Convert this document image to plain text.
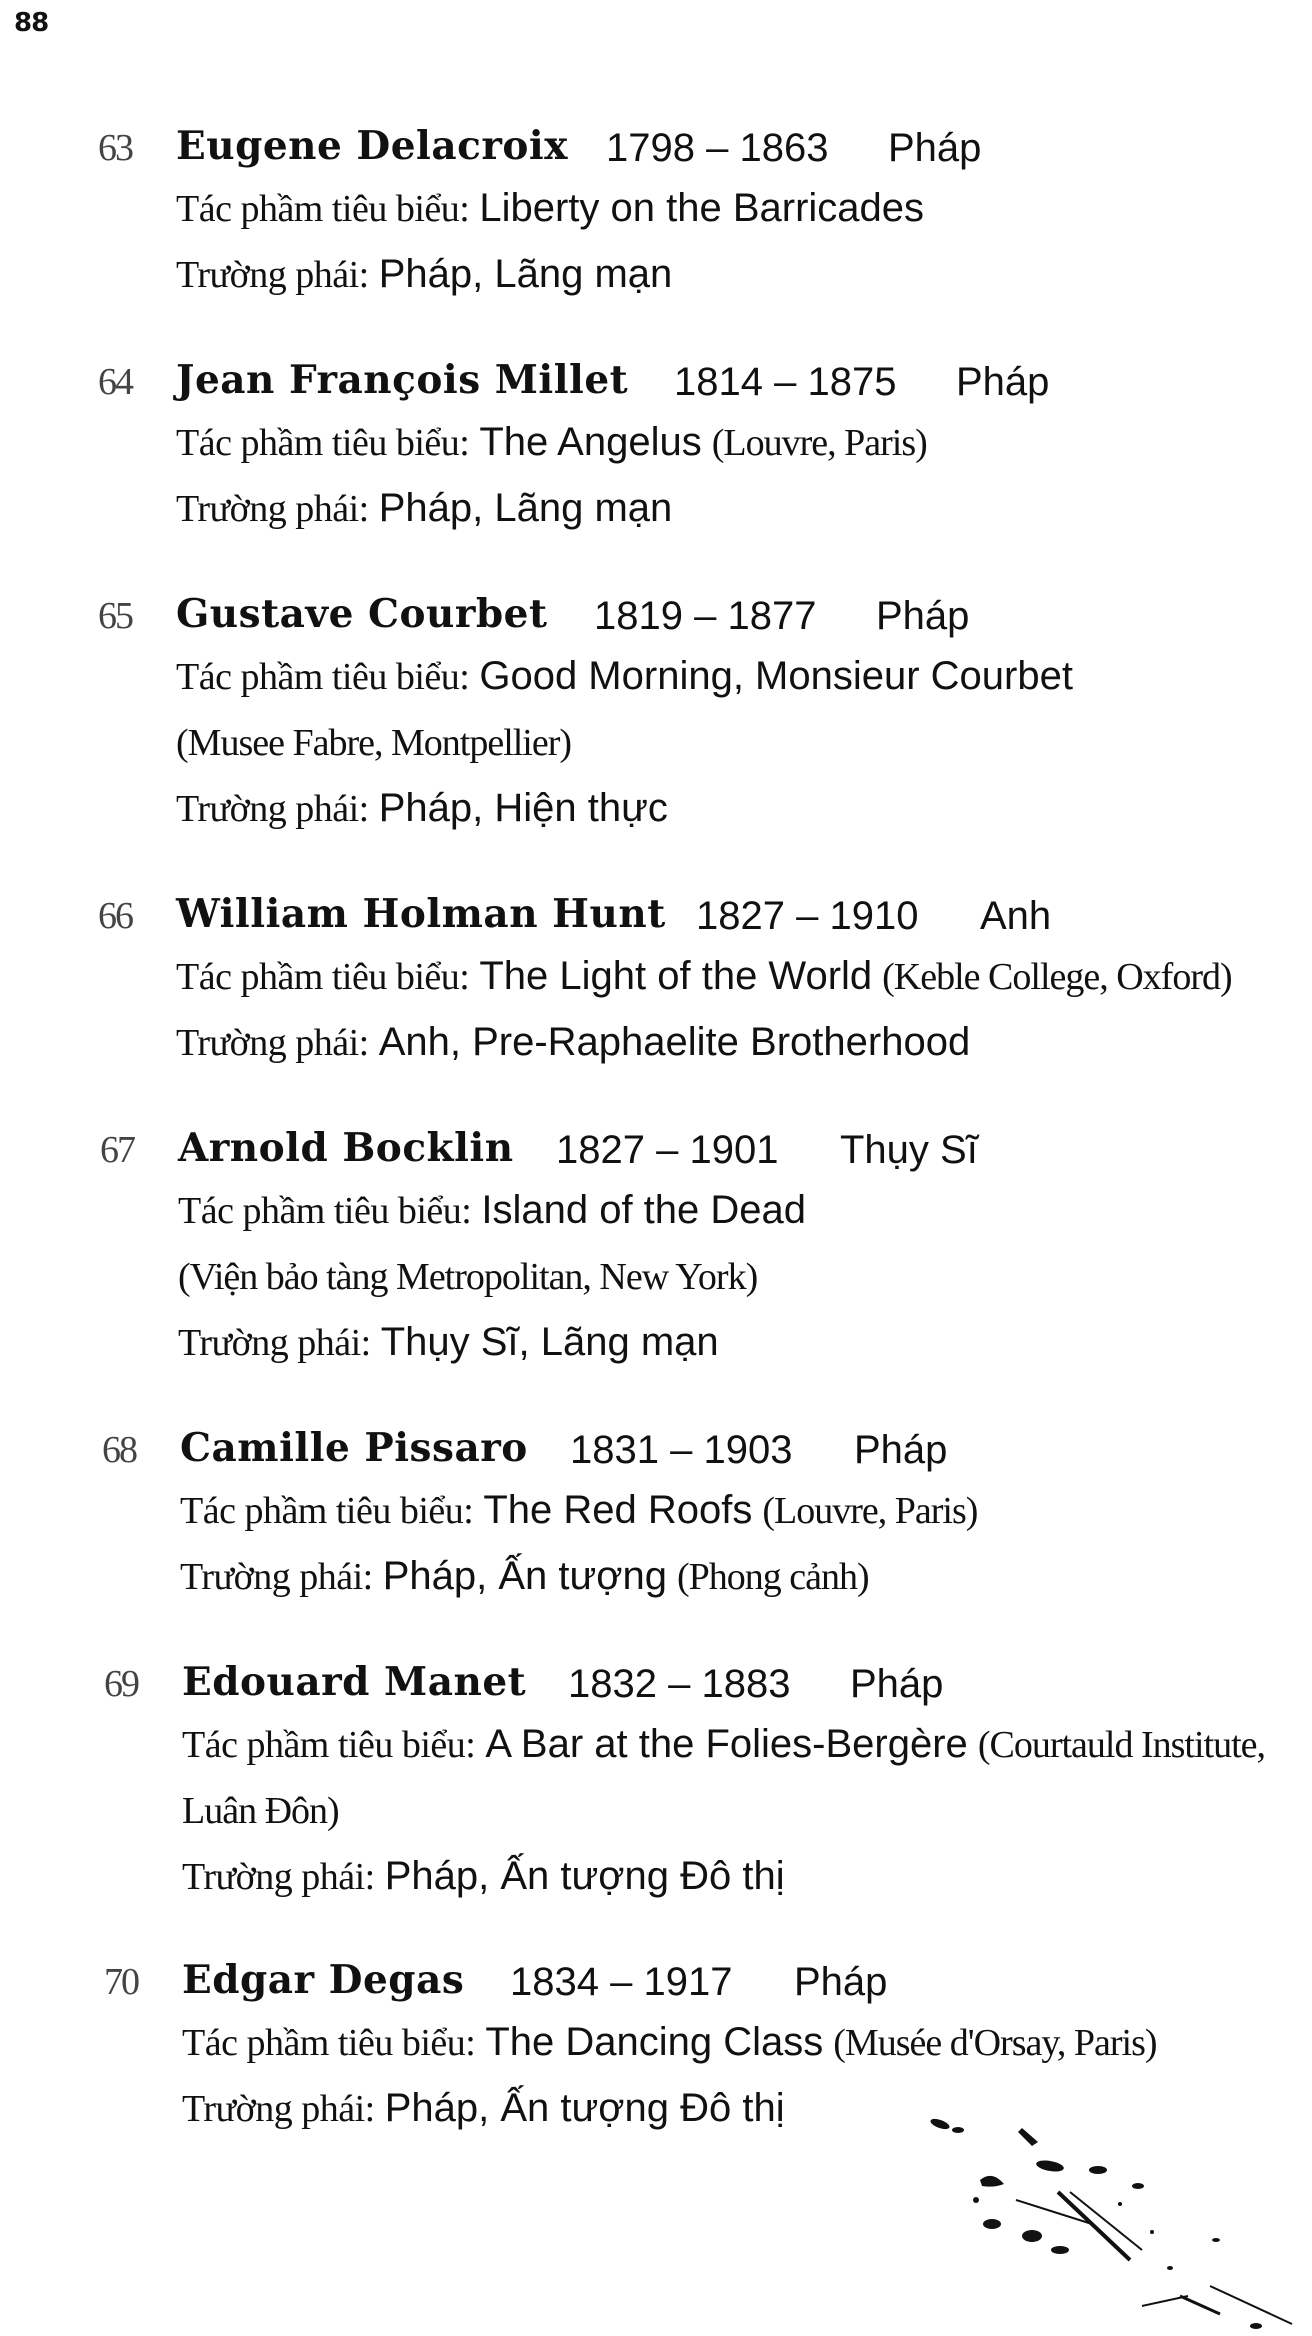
88
63 Eugene Delacroix 1798 – 1863 Pháp
Tác phầm tiêu biểu: Liberty on the Barricades
Trường phái: Pháp, Lãng mạn
64 Jean François Millet 1814 – 1875 Pháp
Tác phầm tiêu biểu: The Angelus (Louvre, Paris)
Trường phái: Pháp, Lãng mạn
65 Gustave Courbet 1819 – 1877 Pháp
Tác phầm tiêu biểu: Good Morning, Monsieur Courbet
(Musee Fabre, Montpellier)
Trường phái: Pháp, Hiện thực
66 William Holman Hunt 1827 – 1910 Anh
Tác phầm tiêu biểu: The Light of the World (Keble College, Oxford)
Trường phái: Anh, Pre-Raphaelite Brotherhood
67 Arnold Bocklin 1827 – 1901 Thụy Sĩ
Tác phầm tiêu biểu: Island of the Dead
(Viện bảo tàng Metropolitan, New York)
Trường phái: Thụy Sĩ, Lãng mạn
68 Camille Pissaro 1831 – 1903 Pháp
Tác phầm tiêu biểu: The Red Roofs (Louvre, Paris)
Trường phái: Pháp, Ấn tượng (Phong cảnh)
69 Edouard Manet 1832 – 1883 Pháp
Tác phầm tiêu biểu: A Bar at the Folies-Bergère (Courtauld Institute,
Luân Đôn)
Trường phái: Pháp, Ấn tượng Đô thị
70 Edgar Degas 1834 – 1917 Pháp
Tác phầm tiêu biểu: The Dancing Class (Musée d'Orsay, Paris)
Trường phái: Pháp, Ấn tượng Đô thị
